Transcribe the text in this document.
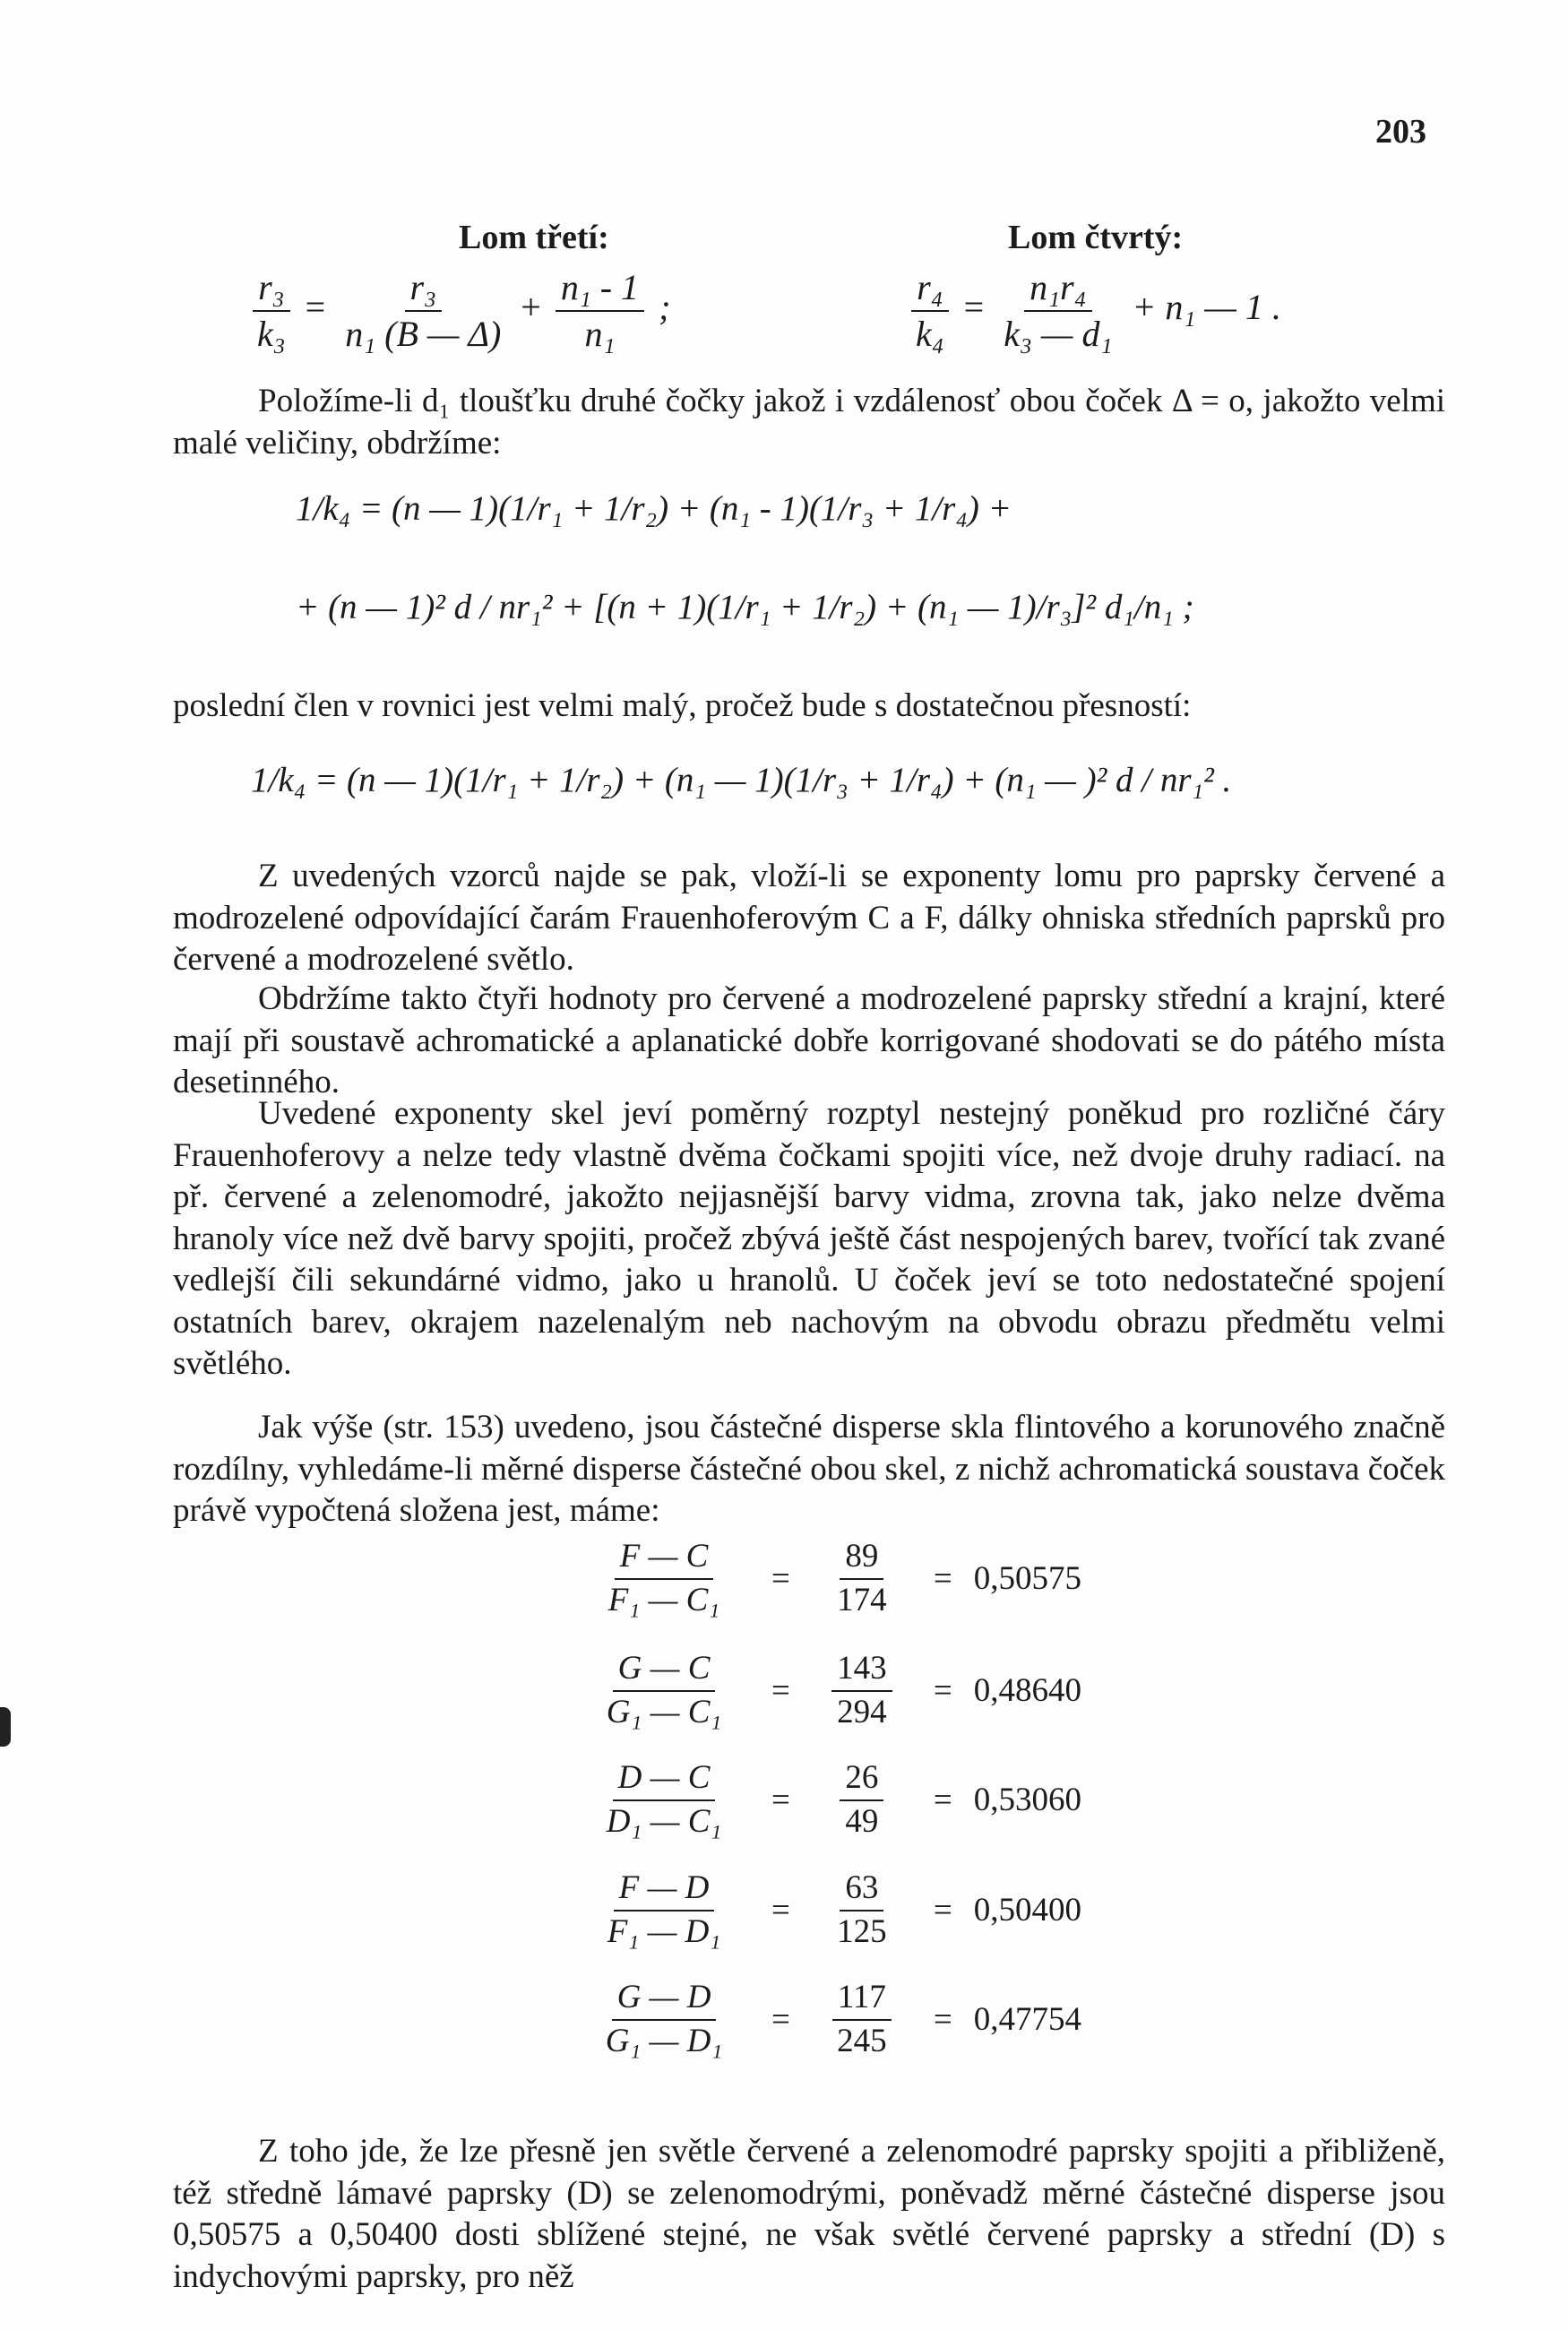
203
Lom třetí:	Lom čtvrtý:
$\frac{\text{r₃}}{\text{k₃}} = \frac{\text{r₃}}{\text{n₁ (B — Δ)}} + \frac{\text{n₁ - 1}}{\text{n₁}}$ ;	$\frac{\text{r₄}}{\text{k₄}} = \frac{\text{n₁r₄}}{\text{k₃ — d₁}} + n_1$ — 1 .
Položíme-li d₁ tloušťku druhé čočky jakož i vzdálenosť obou čoček Δ = o, jakožto velmi malé veličiny, obdržíme:
1/k₄ = (n — 1)(1/r₁ + 1/r₂) + (n₁ - 1)(1/r₃ + 1/r₄) +
+ (n — 1)² d / nr₁² + [(n + 1)(1/r₁ + 1/r₂) + (n₁ — 1)/r₃]² d₁/n₁ ;
poslední člen v rovnici jest velmi malý, pročež bude s dostatečnou přesností:
1/k₄ = (n — 1)(1/r₁ + 1/r₂) + (n₁ — 1)(1/r₃ + 1/r₄) + (n₁ — )² d / nr₁² .
Z uvedených vzorců najde se pak, vloží-li se exponenty lomu pro paprsky červené a modrozelené odpovídající čarám Frauenhoferovým C a F, dálky ohniska středních paprsků pro červené a modrozelené světlo.
Obdržíme takto čtyři hodnoty pro červené a modrozelené paprsky střední a krajní, které mají při soustavě achromatické a aplanatické dobře korrigované shodovati se do pátého místa desetinného.
Uvedené exponenty skel jeví poměrný rozptyl nestejný poněkud pro rozličné čáry Frauenhoferovy a nelze tedy vlastně dvěma čočkami spojiti více, než dvoje druhy radiací. na př. červené a zelenomodré, jakožto nejjasnější barvy vidma, zrovna tak, jako nelze dvěma hranoly více než dvě barvy spojiti, pročež zbývá ještě část nespojených barev, tvořící tak zvané vedlejší čili sekundárné vidmo, jako u hranolů. U čoček jeví se toto nedostatečné spojení ostatních barev, okrajem nazelenalým neb nachovým na obvodu obrazu předmětu velmi světlého.
Jak výše (str. 153) uvedeno, jsou částečné disperse skla flintového a korunového značně rozdílny, vyhledáme-li měrné disperse částečné obou skel, z nichž achromatická soustava čoček právě vypočtená složena jest, máme:
$\frac{F — C}{\text{F₁ — C₁}} = \frac{89}{174} = 0,50575$
$\frac{G — C}{\text{G₁ — C₁}} = \frac{143}{294} = 0,48640$
$\frac{D — C}{\text{D₁ — C₁}} = \frac{26}{49} = 0,53060$
$\frac{F — D}{\text{F₁ — D₁}} = \frac{63}{125} = 0,50400$
$\frac{G — D}{\text{G₁ — D₁}} = \frac{117}{245} = 0,47754$
Z toho jde, že lze přesně jen světle červené a zelenomodré paprsky spojiti a přibliženě, též středně lámavé paprsky (D) se zelenomodrými, poněvadž měrné částečné disperse jsou 0,50575 a 0,50400 dosti sblížené stejné, ne však světlé červené paprsky a střední (D) s indychovými paprsky, pro něž
